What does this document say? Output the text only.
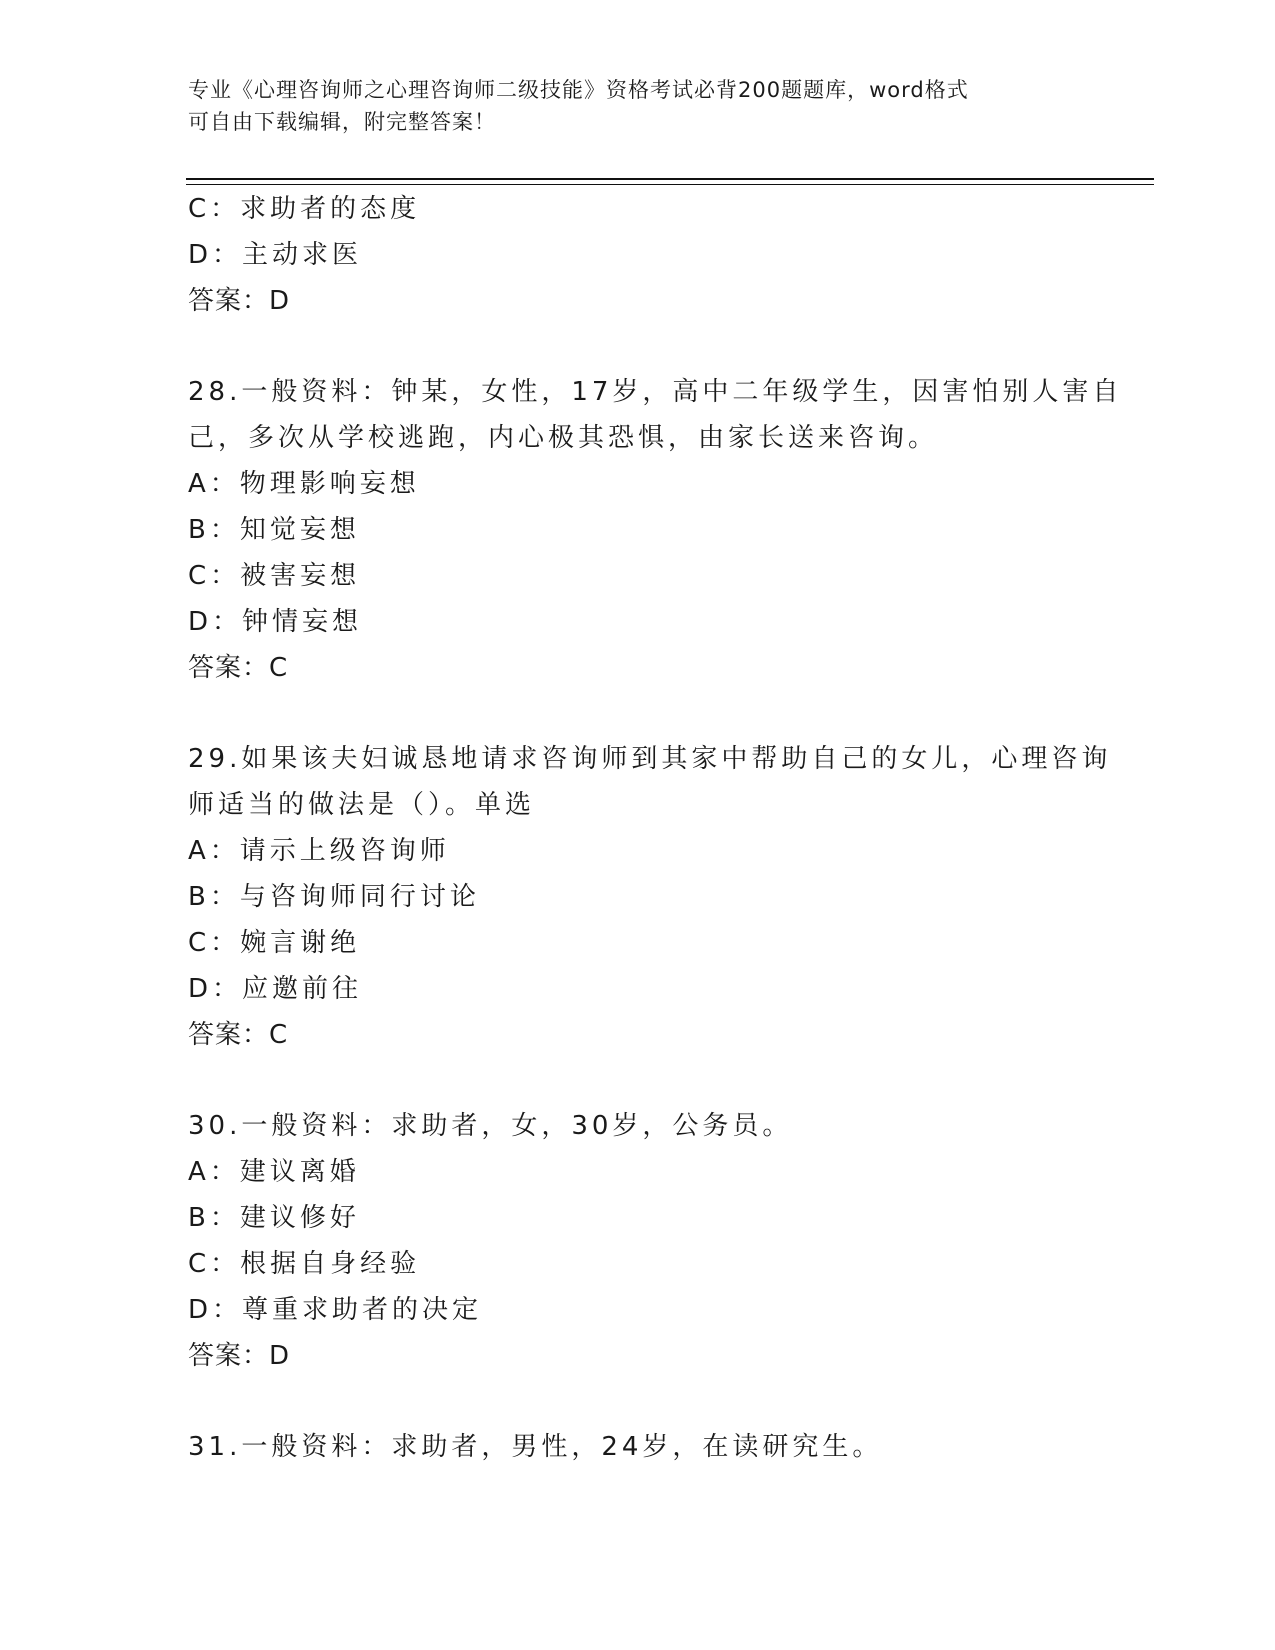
专业《心理咨询师之心理咨询师二级技能》资格考试必背200题题库，word格式
可自由下载编辑，附完整答案！
C：求助者的态度
D：主动求医
答案：D
28.一般资料：钟某，女性，17岁，高中二年级学生，因害怕别人害自
己，多次从学校逃跑，内心极其恐惧，由家长送来咨询。
A：物理影响妄想
B：知觉妄想
C：被害妄想
D：钟情妄想
答案：C
29.如果该夫妇诚恳地请求咨询师到其家中帮助自己的女儿，心理咨询
师适当的做法是（）。单选
A：请示上级咨询师
B：与咨询师同行讨论
C：婉言谢绝
D：应邀前往
答案：C
30.一般资料：求助者，女，30岁，公务员。
A：建议离婚
B：建议修好
C：根据自身经验
D：尊重求助者的决定
答案：D
31.一般资料：求助者，男性，24岁，在读研究生。
